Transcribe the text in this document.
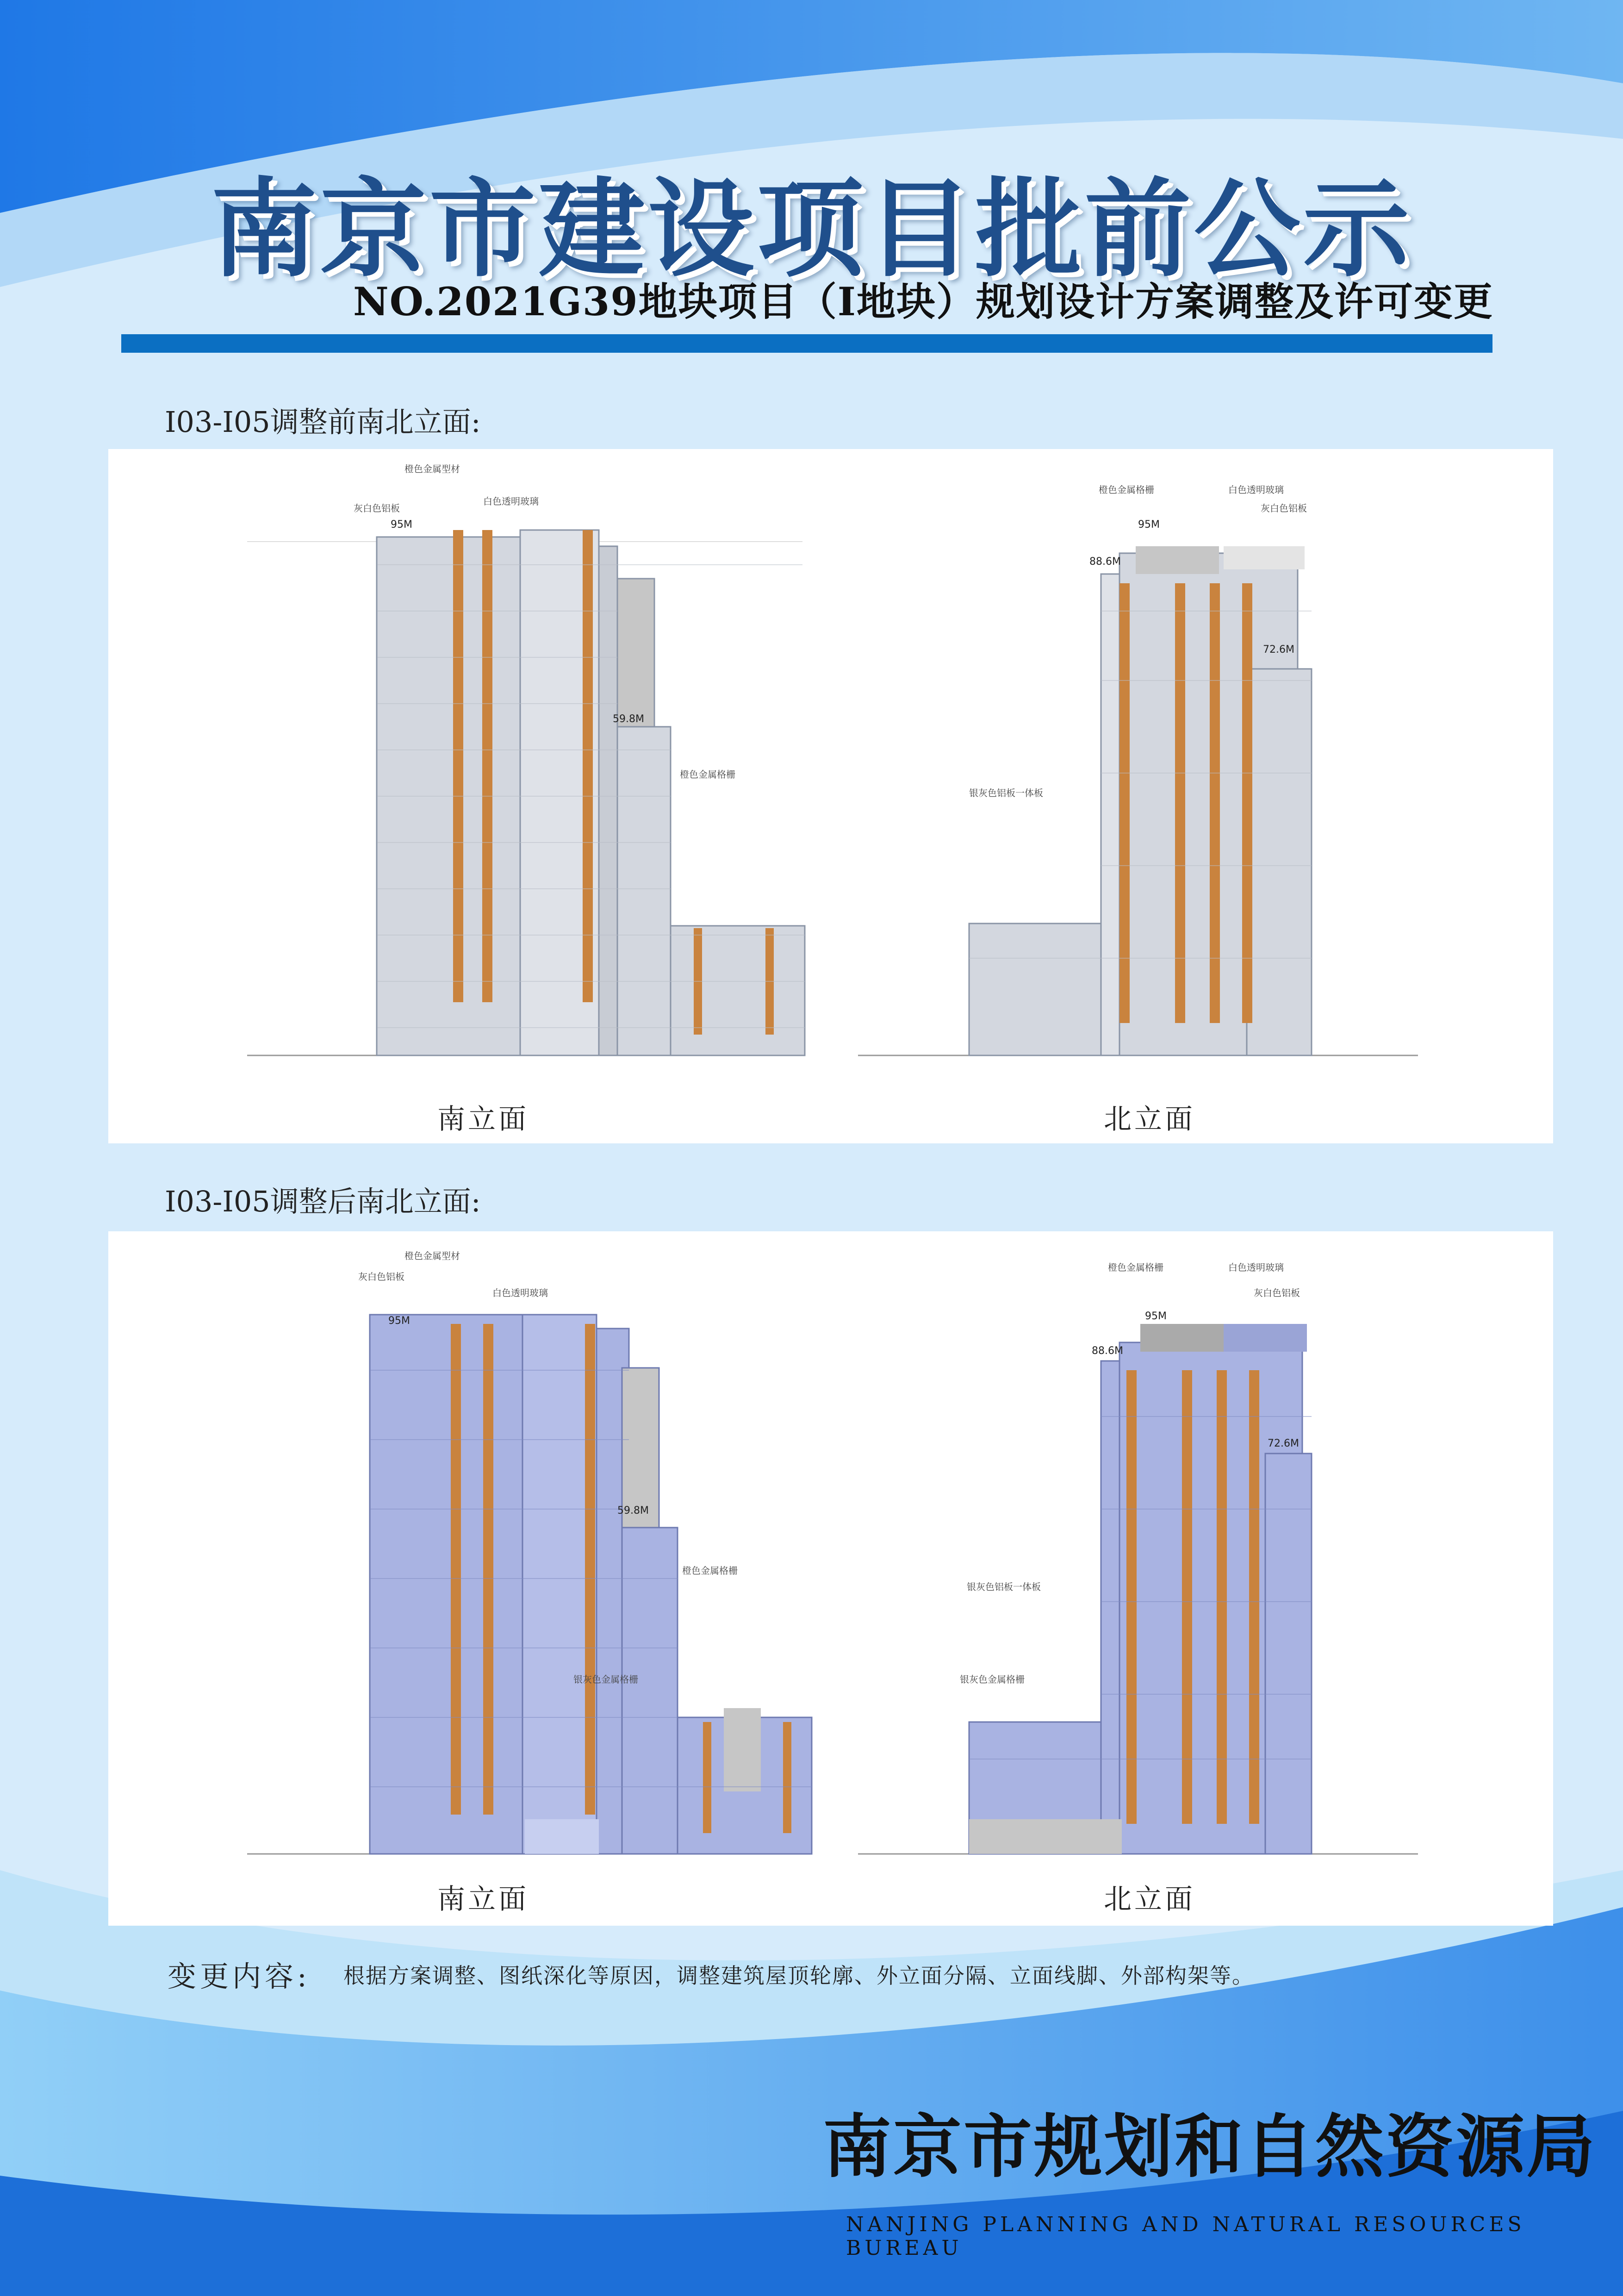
南京市建设项目批前公示
NO.2021G39地块项目（I地块）规划设计方案调整及许可变更
I03-I05调整前南北立面:
灰白色铝板
橙色金属型材
白色透明玻璃
橙色金属格栅
95M
59.8M
橙色金属格栅	白色透明玻璃
灰白色铝板
银灰色铝板一体板
88.6M
95M
72.6M
南立面	北立面
I03-I05调整后南北立面:
灰白色铝板
橙色金属型材
白色透明玻璃
橙色金属格栅
银灰色金属格栅
95M
59.8M
橙色金属格栅	白色透明玻璃
灰白色铝板
银灰色铝板一体板
银灰色金属格栅
88.6M
95M
72.6M
南立面	北立面
变更内容: 根据方案调整、图纸深化等原因，调整建筑屋顶轮廓、外立面分隔、立面线脚、外部构架等。
南京市规划和自然资源局
NANJING PLANNING AND NATURAL RESOURCES BUREAU
